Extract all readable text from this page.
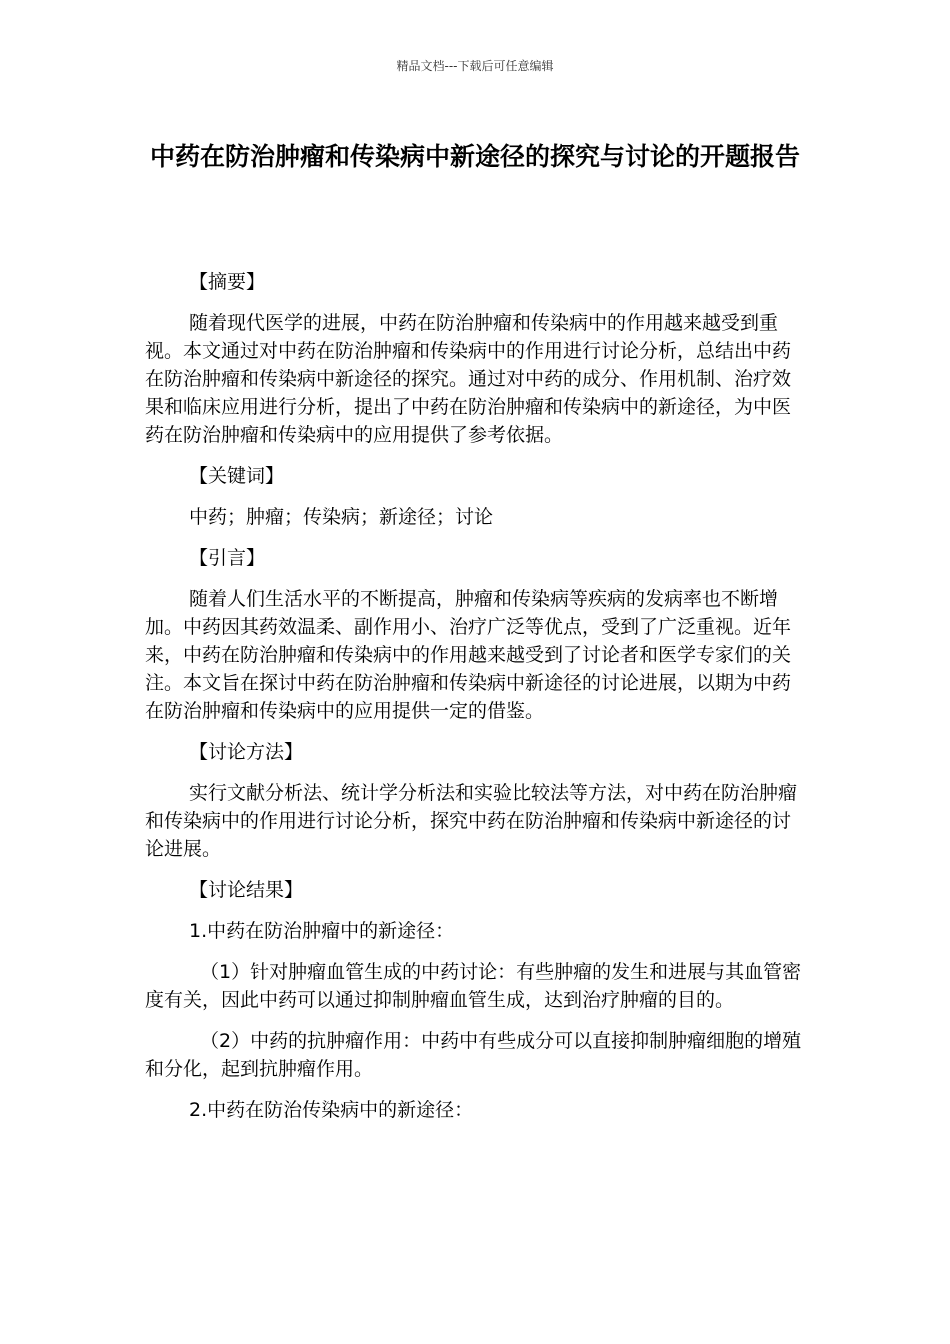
精品文档---下载后可任意编辑
中药在防治肿瘤和传染病中新途径的探究与讨论的开题报告

【摘要】

随着现代医学的进展，中药在防治肿瘤和传染病中的作用越来越受到重视。本文通过对中药在防治肿瘤和传染病中的作用进行讨论分析，总结出中药在防治肿瘤和传染病中新途径的探究。通过对中药的成分、作用机制、治疗效果和临床应用进行分析，提出了中药在防治肿瘤和传染病中的新途径，为中医药在防治肿瘤和传染病中的应用提供了参考依据。

【关键词】

中药；肿瘤；传染病；新途径；讨论

【引言】

随着人们生活水平的不断提高，肿瘤和传染病等疾病的发病率也不断增加。中药因其药效温柔、副作用小、治疗广泛等优点，受到了广泛重视。近年来，中药在防治肿瘤和传染病中的作用越来越受到了讨论者和医学专家们的关注。本文旨在探讨中药在防治肿瘤和传染病中新途径的讨论进展，以期为中药在防治肿瘤和传染病中的应用提供一定的借鉴。

【讨论方法】

实行文献分析法、统计学分析法和实验比较法等方法，对中药在防治肿瘤和传染病中的作用进行讨论分析，探究中药在防治肿瘤和传染病中新途径的讨论进展。

【讨论结果】

1.中药在防治肿瘤中的新途径：

（1）针对肿瘤血管生成的中药讨论：有些肿瘤的发生和进展与其血管密度有关，因此中药可以通过抑制肿瘤血管生成，达到治疗肿瘤的目的。

（2）中药的抗肿瘤作用：中药中有些成分可以直接抑制肿瘤细胞的增殖和分化，起到抗肿瘤作用。

2.中药在防治传染病中的新途径：
